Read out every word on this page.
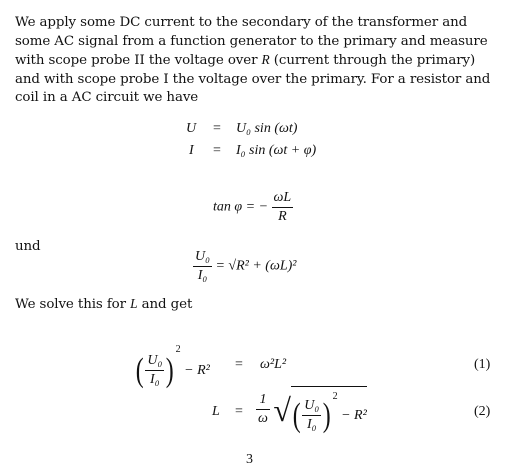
We apply some DC current to the secondary of the transformer and some AC signal from a function generator to the primary and measure with scope probe II the voltage over R (current through the primary) and with scope probe I the voltage over the primary. For a resistor and coil in a AC circuit we have
U = U₀ sin (ωt)
I = I₀ sin (ωt + φ)
tan φ = − $\frac{\omega L}{R}$
und
$\frac{\text{U₀}}{\text{I₀}} = √R^2 + (\omega L)^2$
We solve this for L and get
( $\frac{\text{U₀}}{\text{I₀}} )^2 - R^2 = \omega^2L^2$	(1)
$L = \frac{1}{\omega}$ √( $\frac{\text{U₀}}{\text{I₀}} )^2 - R^2$	(2)
3
